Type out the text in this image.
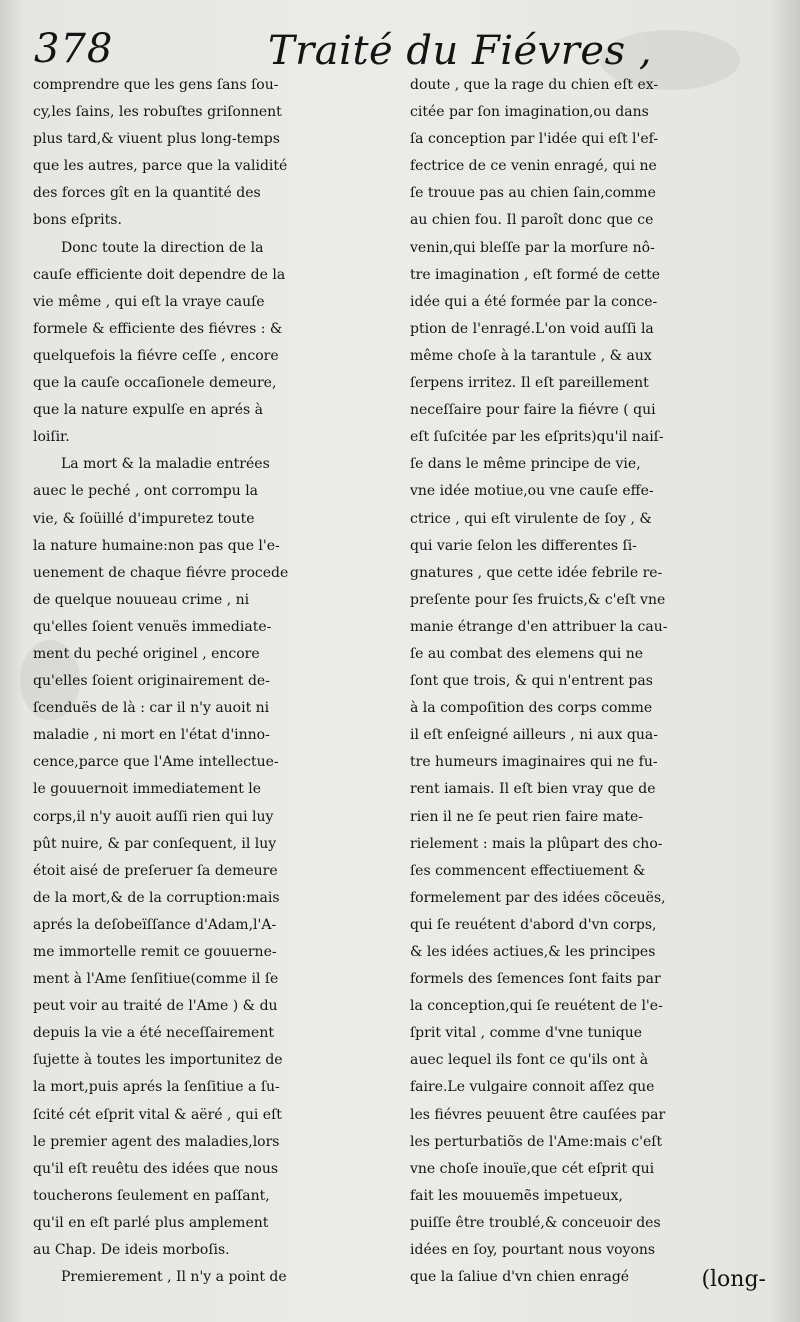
378	Traité du Fiévres ,
comprendre que les gens ſans ſou-
cy,les ſains, les robuſtes griſonnent
plus tard,& viuent plus long-temps
que les autres, parce que la validité
des forces gît en la quantité des
bons eſprits.
Donc toute la direction de la
cauſe efficiente doit dependre de la
vie même , qui eſt la vraye cauſe
formele & efficiente des fiévres : &
quelquefois la fiévre ceſſe , encore
que la cauſe occaſionele demeure,
que la nature expulſe en aprés à
loiſir.
La mort & la maladie entrées
auec le peché , ont corrompu la
vie, & ſoüillé d'impuretez toute
la nature humaine:non pas que l'e-
uenement de chaque fiévre procede
de quelque nouueau crime , ni
qu'elles ſoient venuës immediate-
ment du peché originel , encore
qu'elles ſoient originairement de-
ſcenduës de là : car il n'y auoit ni
maladie , ni mort en l'état d'inno-
cence,parce que l'Ame intellectue-
le gouuernoit immediatement le
corps,il n'y auoit auſſi rien qui luy
pût nuire, & par conſequent, il luy
étoit aisé de preſeruer ſa demeure
de la mort,& de la corruption:mais
aprés la deſobeïſſance d'Adam,l'A-
me immortelle remit ce gouuerne-
ment à l'Ame ſenſitiue(comme il ſe
peut voir au traité de l'Ame ) & du
depuis la vie a été neceſſairement
ſujette à toutes les importunitez de
la mort,puis aprés la ſenſitiue a ſu-
ſcité cét eſprit vital & aëré , qui eſt
le premier agent des maladies,lors
qu'il eſt reuêtu des idées que nous
toucherons ſeulement en paſſant,
qu'il en eſt parlé plus amplement
au Chap. De ideis morboſis.
Premierement , Il n'y a point de
doute , que la rage du chien eſt ex-
citée par ſon imagination,ou dans
ſa conception par l'idée qui eſt l'ef-
fectrice de ce venin enragé, qui ne
ſe trouue pas au chien ſain,comme
au chien fou. Il paroît donc que ce
venin,qui bleſſe par la morſure nô-
tre imagination , eſt formé de cette
idée qui a été formée par la conce-
ption de l'enragé.L'on void auſſi la
même choſe à la tarantule , & aux
ſerpens irritez. Il eſt pareillement
neceſſaire pour faire la fiévre ( qui
eſt ſuſcitée par les eſprits)qu'il naiſ-
ſe dans le même principe de vie,
vne idée motiue,ou vne cauſe effe-
ctrice , qui eſt virulente de ſoy , &
qui varie ſelon les differentes ſi-
gnatures , que cette idée febrile re-
preſente pour ſes fruicts,& c'eſt vne
manie étrange d'en attribuer la cau-
ſe au combat des elemens qui ne
ſont que trois, & qui n'entrent pas
à la compoſition des corps comme
il eſt enſeigné ailleurs , ni aux qua-
tre humeurs imaginaires qui ne fu-
rent iamais. Il eſt bien vray que de
rien il ne ſe peut rien faire mate-
rielement : mais la plûpart des cho-
ſes commencent effectiuement &
formelement par des idées cõceuës,
qui ſe reuétent d'abord d'vn corps,
& les idées actiues,& les principes
formels des ſemences ſont faits par
la conception,qui ſe reuétent de l'e-
ſprit vital , comme d'vne tunique
auec lequel ils font ce qu'ils ont à
faire.Le vulgaire connoit aſſez que
les fiévres peuuent être cauſées par
les perturbatiõs de l'Ame:mais c'eſt
vne choſe inouïe,que cét eſprit qui
fait les mouuemẽs impetueux,
puiſſe être troublé,& conceuoir des
idées en ſoy, pourtant nous voyons
que la ſaliue d'vn chien enragé	(long-
